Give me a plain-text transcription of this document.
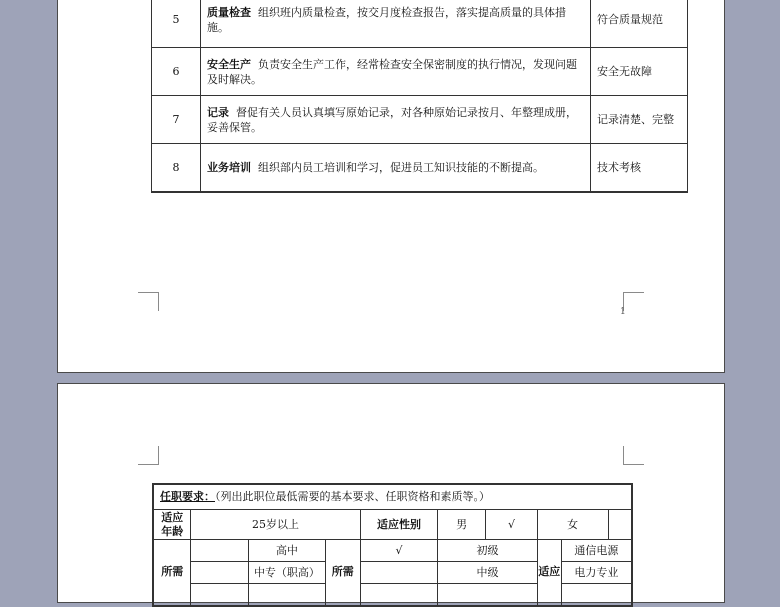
5	质量检查 组织班内质量检查，按交月度检查报告，落实提高质量的具体措施。	符合质量规范
6	安全生产 负责安全生产工作，经常检查安全保密制度的执行情况，发现问题及时解决。	安全无故障
7	记录 督促有关人员认真填写原始记录，对各种原始记录按月、年整理成册，妥善保管。	记录清楚、完整
8	业务培训 组织部内员工培训和学习，促进员工知识技能的不断提高。	技术考核
1
任职要求：（列出此职位最低需要的基本要求、任职资格和素质等。）									
适应年龄	25岁以上			适应性别	男	√	女		
所需		高中	所需	√	初级		适应	通信电源	
		中专（职高）			中级			电力专业	
